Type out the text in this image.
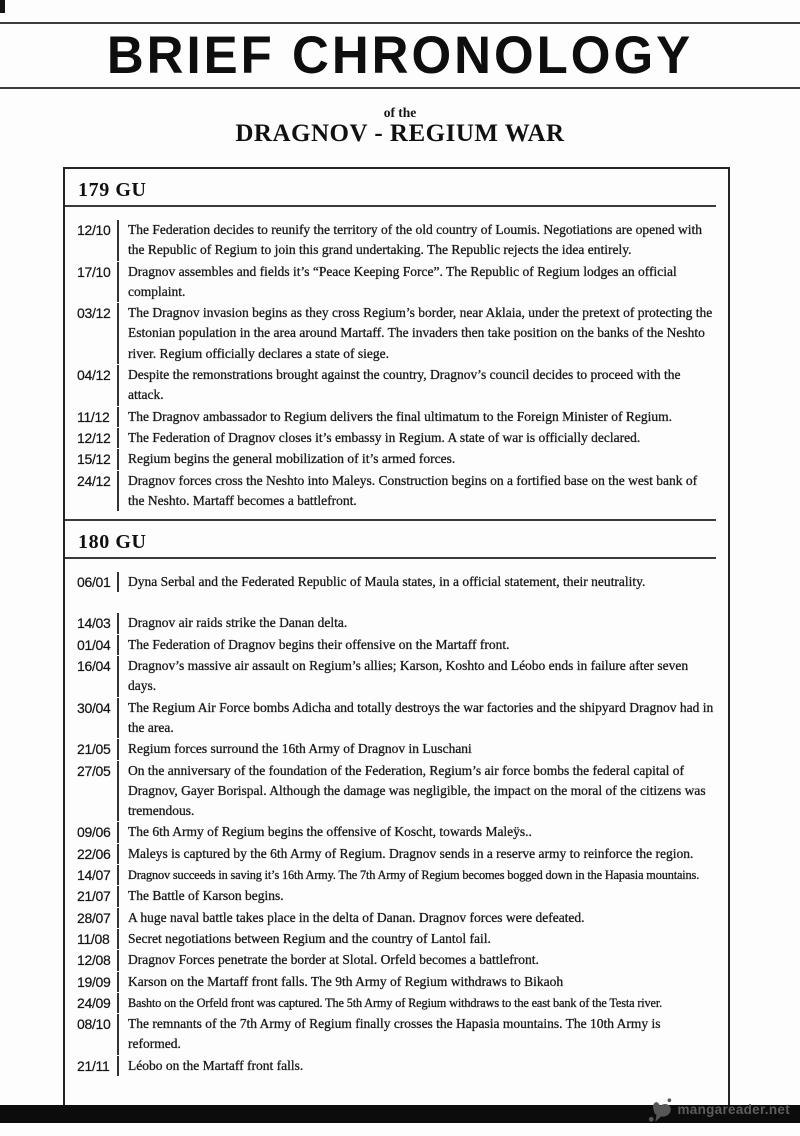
BRIEF CHRONOLOGY
of the
DRAGNOV - REGIUM WAR
179 GU
12/10	The Federation decides to reunify the territory of the old country of Loumis. Negotiations are opened with the Republic of Regium to join this grand undertaking. The Republic rejects the idea entirely.
17/10	Dragnov assembles and fields it’s “Peace Keeping Force”. The Republic of Regium lodges an official complaint.
03/12	The Dragnov invasion begins as they cross Regium’s border, near Aklaia, under the pretext of protecting the Estonian population in the area around Martaff. The invaders then take position on the banks of the Neshto river. Regium officially declares a state of siege.
04/12	Despite the remonstrations brought against the country, Dragnov’s council decides to proceed with the attack.
11/12	The Dragnov ambassador to Regium delivers the final ultimatum to the Foreign Minister of Regium.
12/12	The Federation of Dragnov closes it’s embassy in Regium. A state of war is officially declared.
15/12	Regium begins the general mobilization of it’s armed forces.
24/12	Dragnov forces cross the Neshto into Maleys. Construction begins on a fortified base on the west bank of the Neshto. Martaff becomes a battlefront.
180 GU
06/01	Dyna Serbal and the Federated Republic of Maula states, in a official statement, their neutrality.
14/03	Dragnov air raids strike the Danan delta.
01/04	The Federation of Dragnov begins their offensive on the Martaff front.
16/04	Dragnov’s massive air assault on Regium’s allies; Karson, Koshto and Léobo ends in failure after seven days.
30/04	The Regium Air Force bombs Adicha and totally destroys the war factories and the shipyard Dragnov had in the area.
21/05	Regium forces surround the 16th Army of Dragnov in Luschani
27/05	On the anniversary of the foundation of the Federation, Regium’s air force bombs the federal capital of Dragnov, Gayer Borispal. Although the damage was negligible, the impact on the moral of the citizens was tremendous.
09/06	The 6th Army of Regium begins the offensive of Koscht, towards Maleÿs..
22/06	Maleys is captured by the 6th Army of Regium. Dragnov sends in a reserve army to reinforce the region.
14/07	Dragnov succeeds in saving it’s 16th Army. The 7th Army of Regium becomes bogged down in the Hapasia mountains.
21/07	The Battle of Karson begins.
28/07	A huge naval battle takes place in the delta of Danan. Dragnov forces were defeated.
11/08	Secret negotiations between Regium and the country of Lantol fail.
12/08	Dragnov Forces penetrate the border at Slotal. Orfeld becomes a battlefront.
19/09	Karson on the Martaff front falls. The 9th Army of Regium withdraws to Bikaoh
24/09	Bashto on the Orfeld front was captured. The 5th Army of Regium withdraws to the east bank of the Testa river.
08/10	The remnants of the 7th Army of Regium finally crosses the Hapasia mountains. The 10th Army is reformed.
21/11	Léobo on the Martaff front falls.
mangareader.net
